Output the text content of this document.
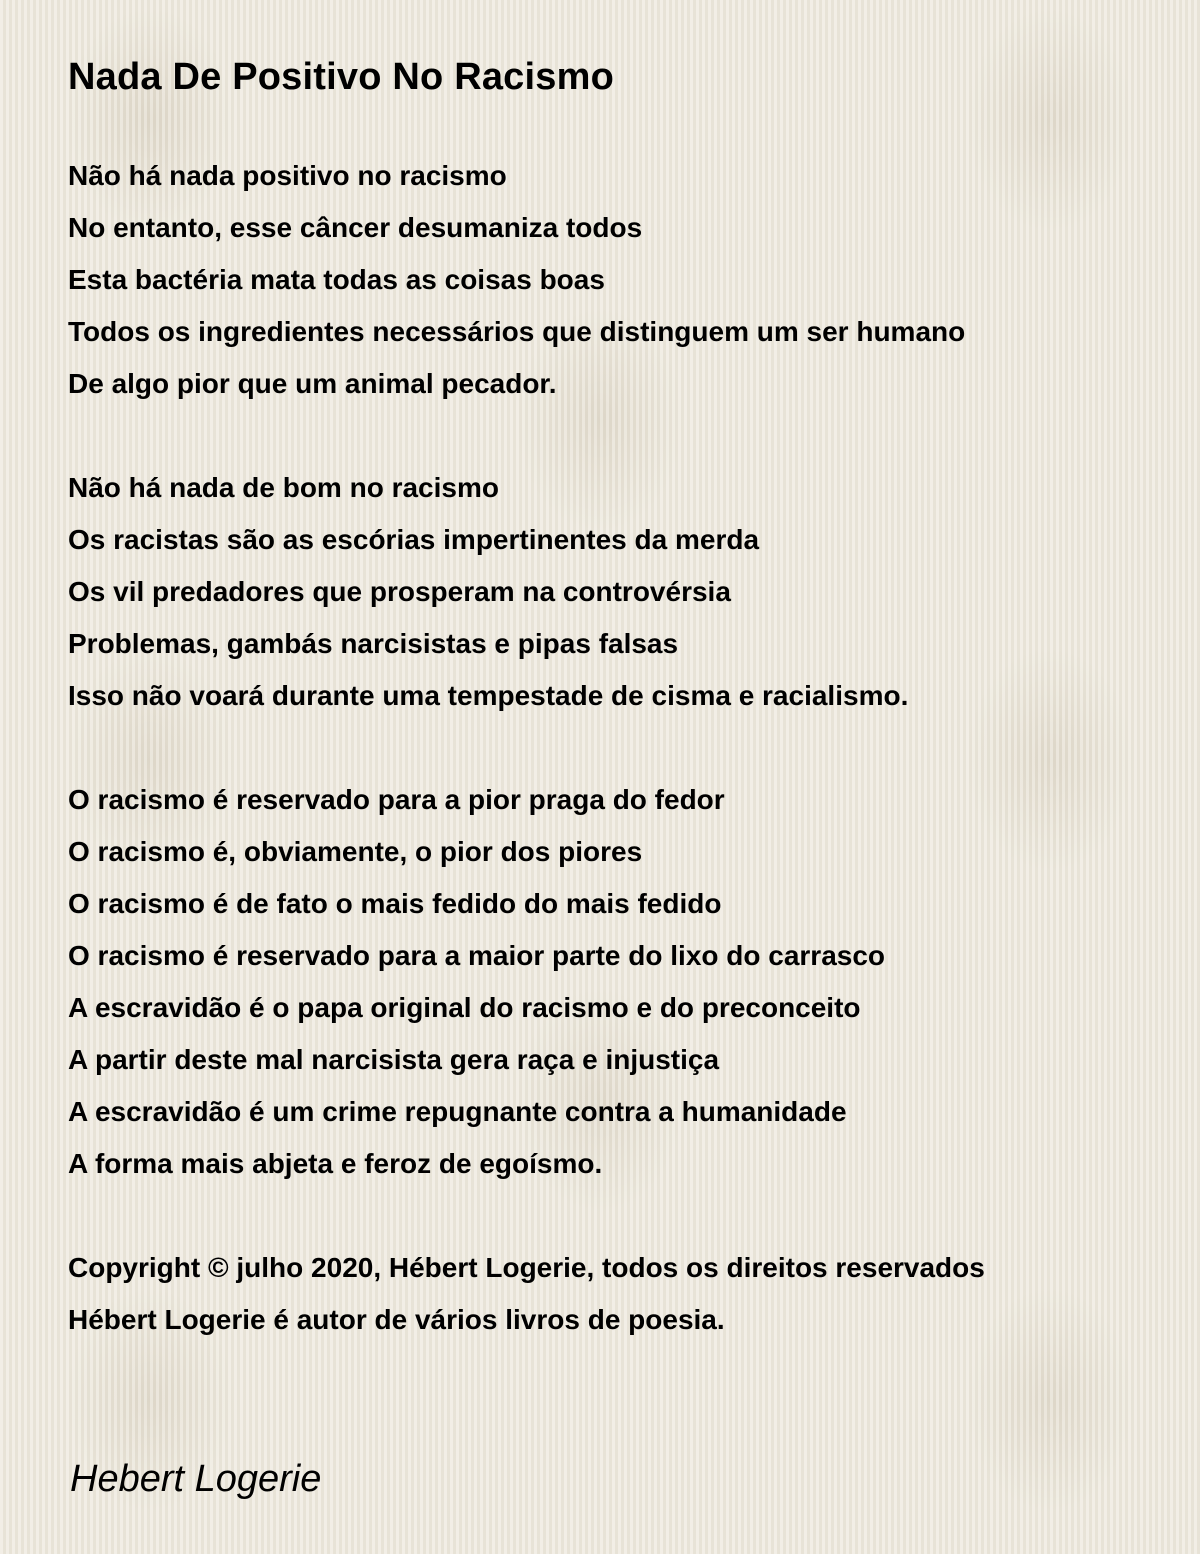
Nada De Positivo No Racismo
Não há nada positivo no racismo
No entanto, esse câncer desumaniza todos
Esta bactéria mata todas as coisas boas
Todos os ingredientes necessários que distinguem um ser humano
De algo pior que um animal pecador.
Não há nada de bom no racismo
Os racistas são as escórias impertinentes da merda
Os vil predadores que prosperam na controvérsia
Problemas, gambás narcisistas e pipas falsas
Isso não voará durante uma tempestade de cisma e racialismo.
O racismo é reservado para a pior praga do fedor
O racismo é, obviamente, o pior dos piores
O racismo é de fato o mais fedido do mais fedido
O racismo é reservado para a maior parte do lixo do carrasco
A escravidão é o papa original do racismo e do preconceito
A partir deste mal narcisista gera raça e injustiça
A escravidão é um crime repugnante contra a humanidade
A forma mais abjeta e feroz de egoísmo.
Copyright © julho 2020, Hébert Logerie, todos os direitos reservados
Hébert Logerie é autor de vários livros de poesia.
Hebert Logerie
